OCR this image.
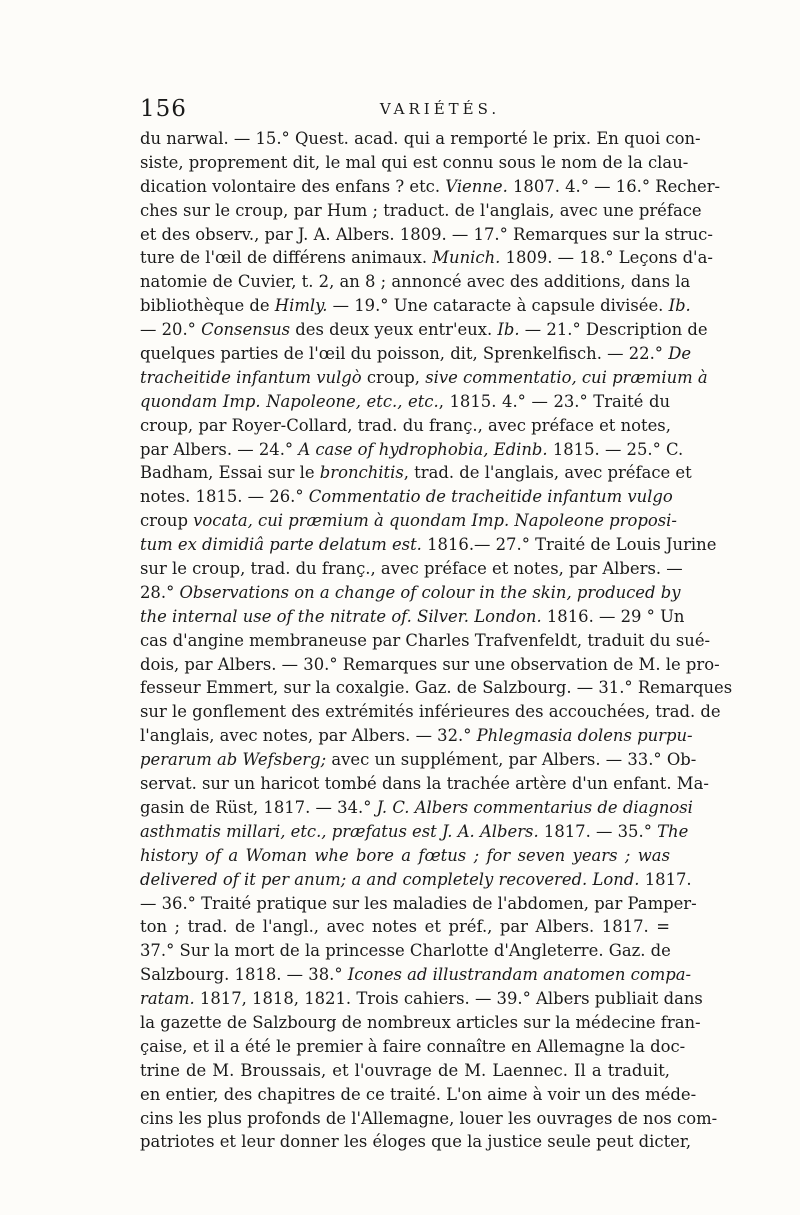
156	VARIÉTÉS.
du narwal. — 15.° Quest. acad. qui a remporté le prix. En quoi con-
siste, proprement dit, le mal qui est connu sous le nom de la clau-
dication volontaire des enfans ? etc. Vienne. 1807. 4.° — 16.° Recher-
ches sur le croup, par Hum ; traduct. de l'anglais, avec une préface
et des observ., par J. A. Albers. 1809. — 17.° Remarques sur la struc-
ture de l'œil de différens animaux. Munich. 1809. — 18.° Leçons d'a-
natomie de Cuvier, t. 2, an 8 ; annoncé avec des additions, dans la
bibliothèque de Himly. — 19.° Une cataracte à capsule divisée. Ib.
— 20.° Consensus des deux yeux entr'eux. Ib. — 21.° Description de
quelques parties de l'œil du poisson, dit, Sprenkelfisch. — 22.° De
tracheitide infantum vulgò croup, sive commentatio, cui præmium à
quondam Imp. Napoleone, etc., etc., 1815. 4.° — 23.° Traité du
croup, par Royer-Collard, trad. du franç., avec préface et notes,
par Albers. — 24.° A case of hydrophobia, Edinb. 1815. — 25.° C.
Badham, Essai sur le bronchitis, trad. de l'anglais, avec préface et
notes. 1815. — 26.° Commentatio de tracheitide infantum vulgo
croup vocata, cui præmium à quondam Imp. Napoleone proposi-
tum ex dimidiâ parte delatum est. 1816.— 27.° Traité de Louis Jurine
sur le croup, trad. du franç., avec préface et notes, par Albers. —
28.° Observations on a change of colour in the skin, produced by
the internal use of the nitrate of. Silver. London. 1816. — 29 ° Un
cas d'angine membraneuse par Charles Trafvenfeldt, traduit du sué-
dois, par Albers. — 30.° Remarques sur une observation de M. le pro-
fesseur Emmert, sur la coxalgie. Gaz. de Salzbourg. — 31.° Remarques
sur le gonflement des extrémités inférieures des accouchées, trad. de
l'anglais, avec notes, par Albers. — 32.° Phlegmasia dolens purpu-
perarum ab Wefsberg; avec un supplément, par Albers. — 33.° Ob-
servat. sur un haricot tombé dans la trachée artère d'un enfant. Ma-
gasin de Rüst, 1817. — 34.° J. C. Albers commentarius de diagnosi
asthmatis millari, etc., præfatus est J. A. Albers. 1817. — 35.° The
history of a Woman whe bore a fœtus ; for seven years ; was
delivered of it per anum; a and completely recovered. Lond. 1817.
— 36.° Traité pratique sur les maladies de l'abdomen, par Pamper-
ton ; trad. de l'angl., avec notes et préf., par Albers. 1817. =
37.° Sur la mort de la princesse Charlotte d'Angleterre. Gaz. de
Salzbourg. 1818. — 38.° Icones ad illustrandam anatomen compa-
ratam. 1817, 1818, 1821. Trois cahiers. — 39.° Albers publiait dans
la gazette de Salzbourg de nombreux articles sur la médecine fran-
çaise, et il a été le premier à faire connaître en Allemagne la doc-
trine de M. Broussais, et l'ouvrage de M. Laennec. Il a traduit,
en entier, des chapitres de ce traité. L'on aime à voir un des méde-
cins les plus profonds de l'Allemagne, louer les ouvrages de nos com-
patriotes et leur donner les éloges que la justice seule peut dicter,
